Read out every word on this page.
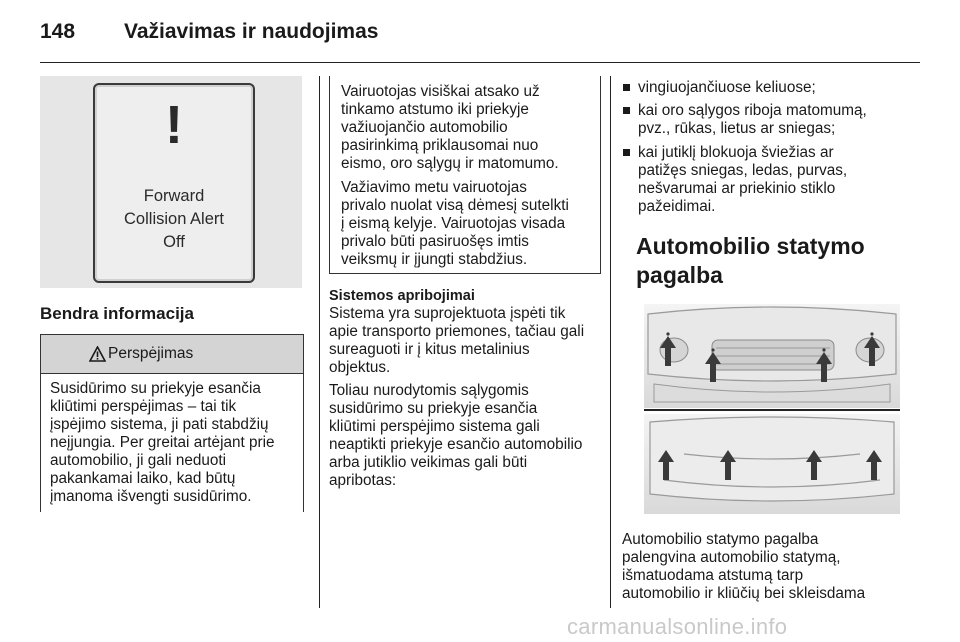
148 Važiavimas ir naudojimas
!
Forward
Collision Alert
Off
Bendra informacija
Perspėjimas

Susidūrimo su priekyje esančia
kliūtimi perspėjimas – tai tik
įspėjimo sistema, ji pati stabdžių
neįjungia. Per greitai artėjant prie
automobilio, ji gali neduoti
pakankamai laiko, kad būtų
įmanoma išvengti susidūrimo.

Vairuotojas visiškai atsako už
tinkamo atstumo iki priekyje
važiuojančio automobilio
pasirinkimą priklausomai nuo
eismo, oro sąlygų ir matomumo.

Važiavimo metu vairuotojas
privalo nuolat visą dėmesį sutelkti
į eismą kelyje. Vairuotojas visada
privalo būti pasiruošęs imtis
veiksmų ir įjungti stabdžius.

Sistemos apribojimai

Sistema yra suprojektuota įspėti tik
apie transporto priemones, tačiau gali
sureaguoti ir į kitus metalinius
objektus.

Toliau nurodytomis sąlygomis
susidūrimo su priekyje esančia
kliūtimi perspėjimo sistema gali
neaptikti priekyje esančio automobilio
arba jutiklio veikimas gali būti
apribotas:

vingiuojančiuose keliuose;
kai oro sąlygos riboja matomumą,
pvz., rūkas, lietus ar sniegas;
kai jutiklį blokuoja šviežias ar
patižęs sniegas, ledas, purvas,
nešvarumai ar priekinio stiklo
pažeidimai.
Automobilio statymo
pagalba

Automobilio statymo pagalba
palengvina automobilio statymą,
išmatuodama atstumą tarp
automobilio ir kliūčių bei skleisdama

carmanualsonline.info
